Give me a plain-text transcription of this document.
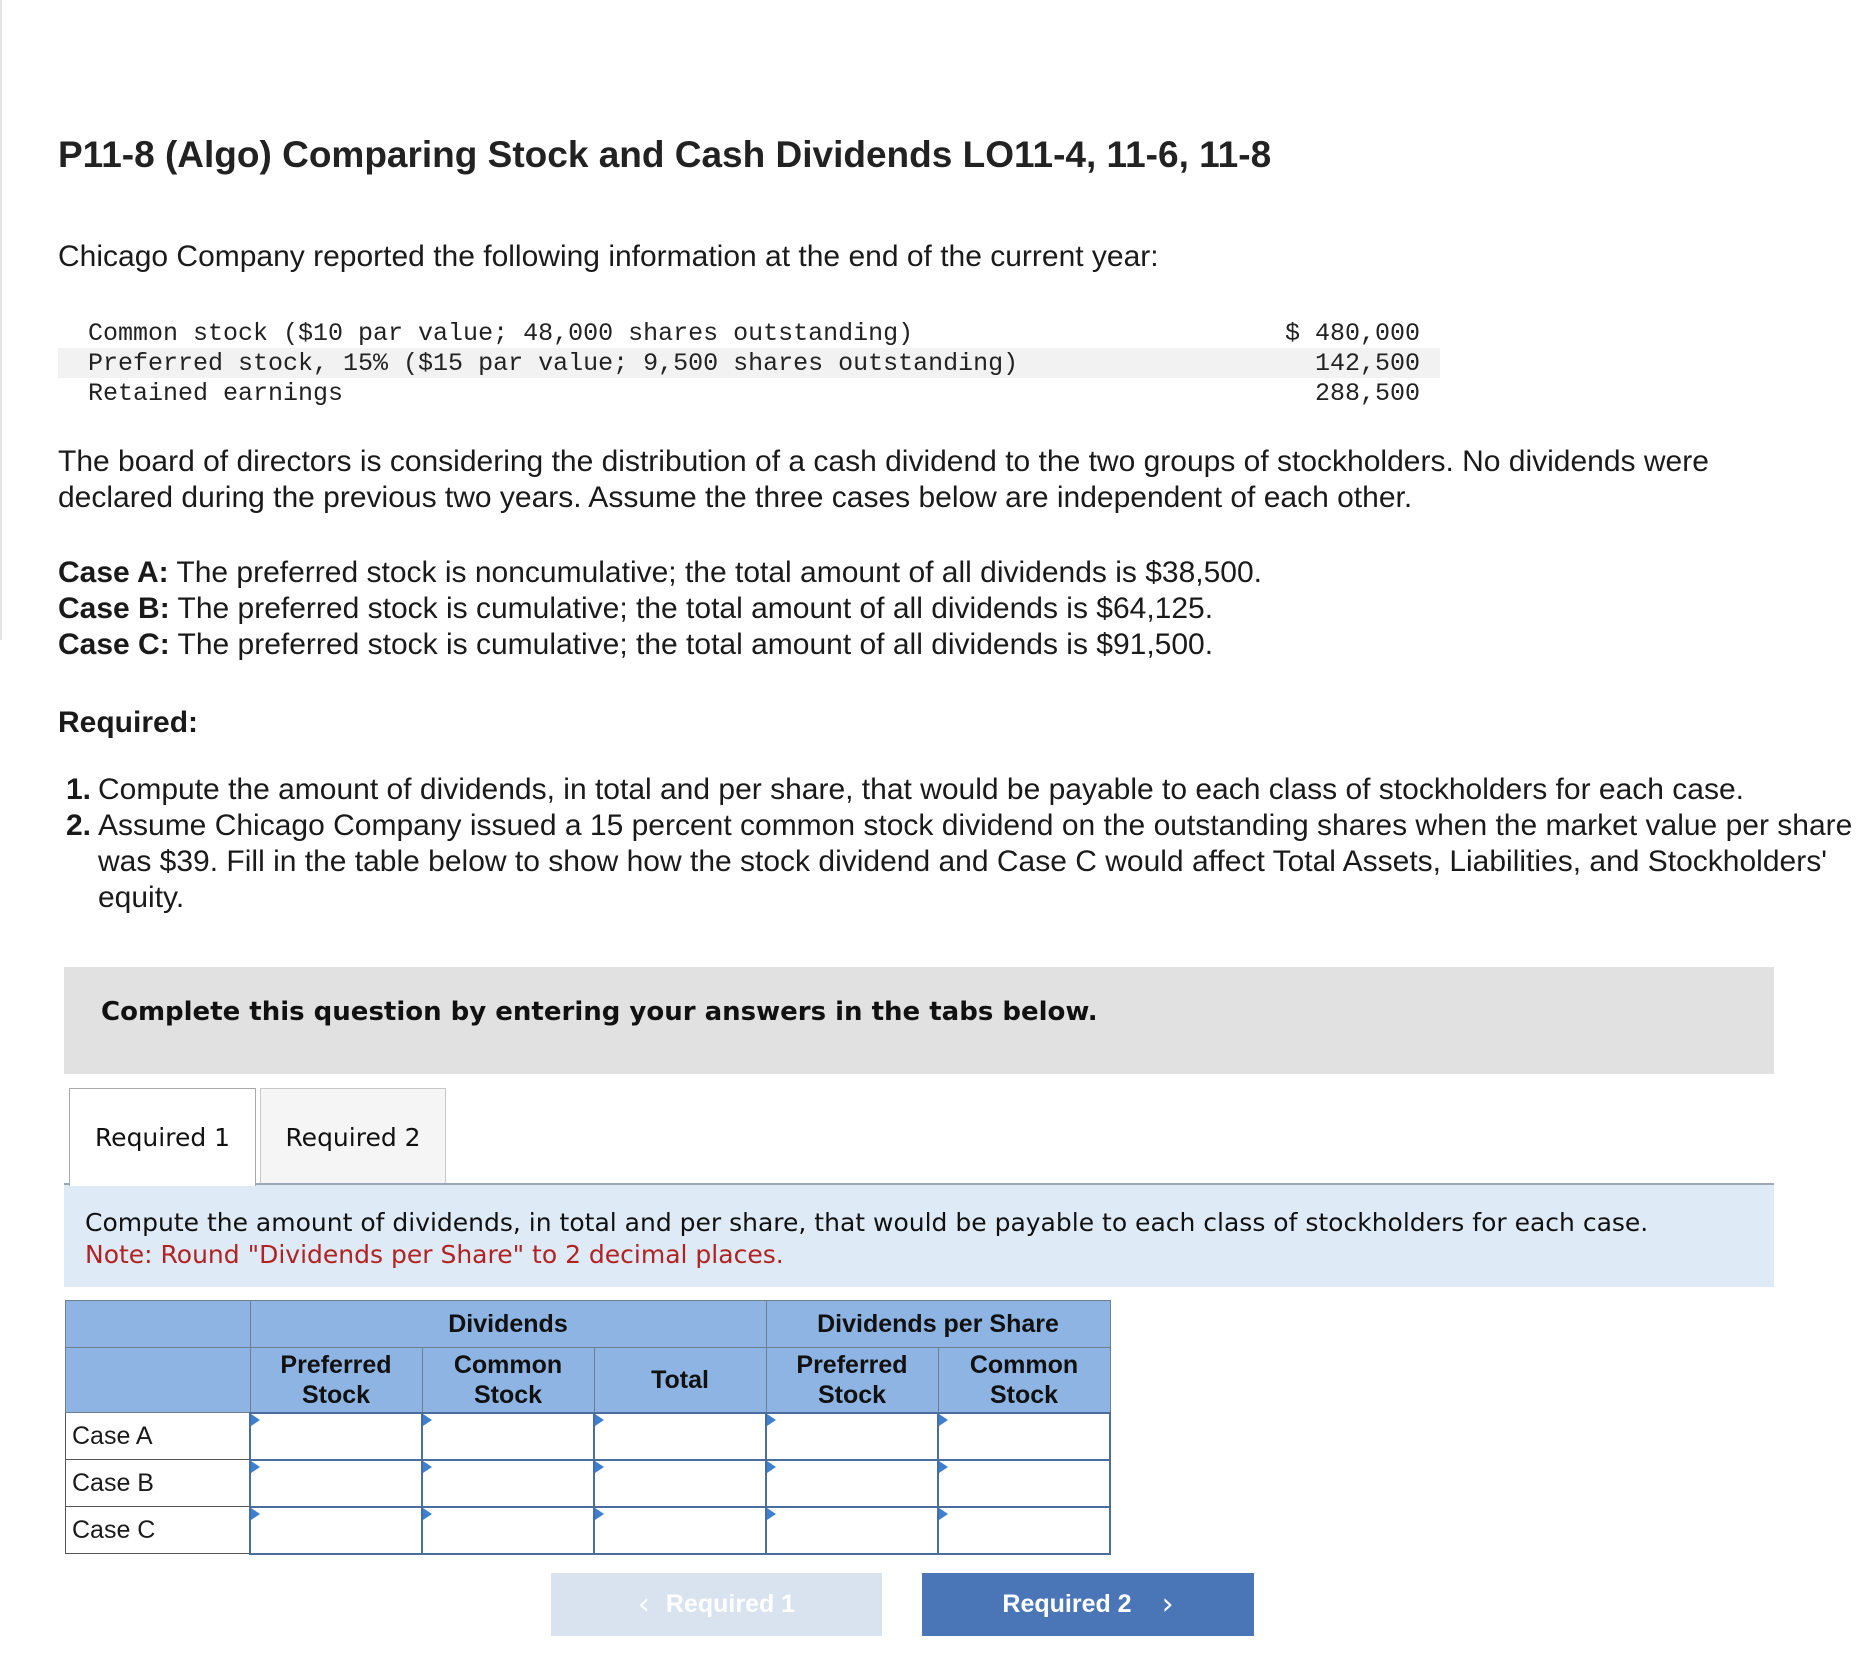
P11-8 (Algo) Comparing Stock and Cash Dividends LO11-4, 11-6, 11-8

Chicago Company reported the following information at the end of the current year:

Common stock ($10 par value; 48,000 shares outstanding)	$ 480,000
Preferred stock, 15% ($15 par value; 9,500 shares outstanding)	142,500
Retained earnings	288,500

The board of directors is considering the distribution of a cash dividend to the two groups of stockholders. No dividends were declared during the previous two years. Assume the three cases below are independent of each other.

Case A: The preferred stock is noncumulative; the total amount of all dividends is $38,500.
Case B: The preferred stock is cumulative; the total amount of all dividends is $64,125.
Case C: The preferred stock is cumulative; the total amount of all dividends is $91,500.
Required:
1. Compute the amount of dividends, in total and per share, that would be payable to each class of stockholders for each case.
2. Assume Chicago Company issued a 15 percent common stock dividend on the outstanding shares when the market value per share was $39. Fill in the table below to show how the stock dividend and Case C would affect Total Assets, Liabilities, and Stockholders' equity.
Complete this question by entering your answers in the tabs below.
Required 1	Required 2
Compute the amount of dividends, in total and per share, that would be payable to each class of stockholders for each case.
Note: Round "Dividends per Share" to 2 decimal places.
	Dividends			Dividends per Share	
	Preferred Stock	Common Stock	Total	Preferred Stock	Common Stock
Case A					
Case B					
Case C					
‹ Required 1	Required 2 ›
